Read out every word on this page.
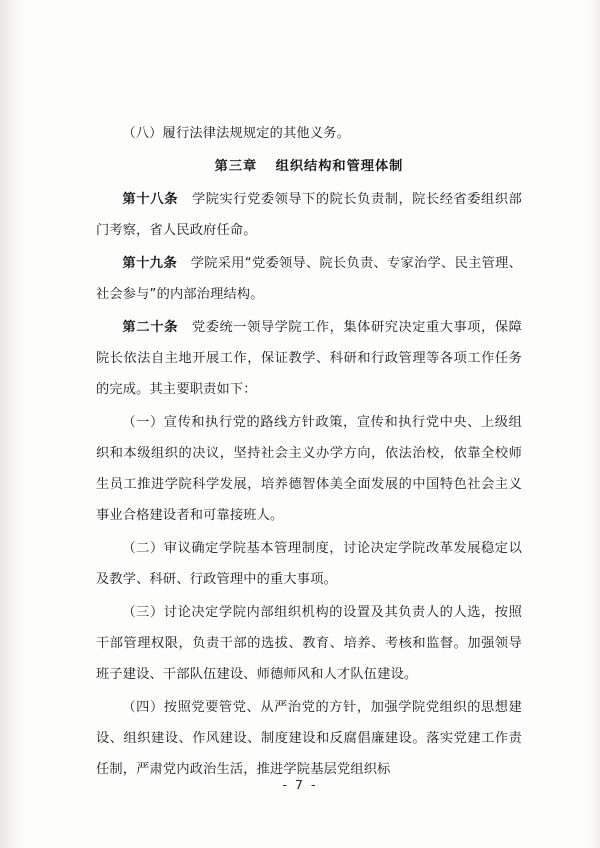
（八）履行法律法规规定的其他义务。

第三章 组织结构和管理体制

第十八条　 学院实行党委领导下的院长负责制，院长经省委组织部门考察，省人民政府任命。

第十九条　 学院采用“党委领导、院长负责、专家治学、民主管理、社会参与”的内部治理结构。

第二十条　 党委统一领导学院工作，集体研究决定重大事项，保障院长依法自主地开展工作，保证教学、科研和行政管理等各项工作任务的完成。其主要职责如下：

（一）宣传和执行党的路线方针政策，宣传和执行党中央、上级组织和本级组织的决议，坚持社会主义办学方向，依法治校，依靠全校师生员工推进学院科学发展，培养德智体美全面发展的中国特色社会主义事业合格建设者和可靠接班人。

（二）审议确定学院基本管理制度，讨论决定学院改革发展稳定以及教学、科研、行政管理中的重大事项。

（三）讨论决定学院内部组织机构的设置及其负责人的人选，按照干部管理权限，负责干部的选拔、教育、培养、考核和监督。加强领导班子建设、干部队伍建设、师德师风和人才队伍建设。

（四）按照党要管党、从严治党的方针，加强学院党组织的思想建设、组织建设、作风建设、制度建设和反腐倡廉建设。落实党建工作责任制，严肃党内政治生活，推进学院基层党组织标

- 7 -
